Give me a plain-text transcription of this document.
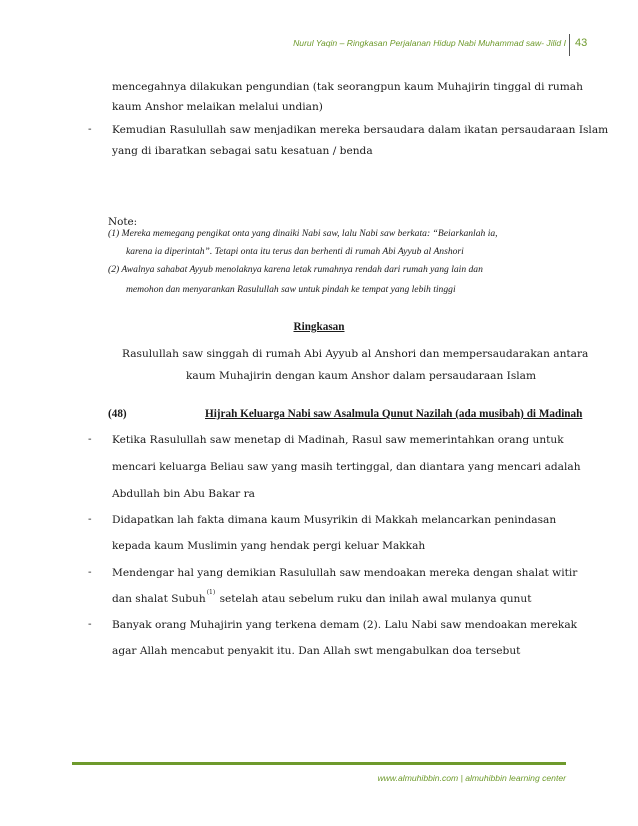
Nurul Yaqin – Ringkasan Perjalanan Hidup Nabi Muhammad saw- Jilid I 43
mencegahnya dilakukan pengundian (tak seorangpun kaum Muhajirin tinggal di rumah
kaum Anshor melaikan melalui undian)
- Kemudian Rasulullah saw menjadikan mereka bersaudara dalam ikatan persaudaraan Islam
yang di ibaratkan sebagai satu kesatuan / benda
Note:
(1) Mereka memegang pengikat onta yang dinaiki Nabi saw, lalu Nabi saw berkata: “Beiarkanlah ia,
karena ia diperintah”. Tetapi onta itu terus dan berhenti di rumah Abi Ayyub al Anshori
(2) Awalnya sahabat Ayyub menolaknya karena letak rumahnya rendah dari rumah yang lain dan
memohon dan menyarankan Rasulullah saw untuk pindah ke tempat yang lebih tinggi
Ringkasan
Rasulullah saw singgah di rumah Abi Ayyub al Anshori dan mempersaudarakan antara
kaum Muhajirin dengan kaum Anshor dalam persaudaraan Islam
(48)	Hijrah Keluarga Nabi saw Asalmula Qunut Nazilah (ada musibah) di Madinah
- Ketika Rasulullah saw menetap di Madinah, Rasul saw memerintahkan orang untuk
mencari keluarga Beliau saw yang masih tertinggal, dan diantara yang mencari adalah
Abdullah bin Abu Bakar ra
- Didapatkan lah fakta dimana kaum Musyrikin di Makkah melancarkan penindasan
kepada kaum Muslimin yang hendak pergi keluar Makkah
- Mendengar hal yang demikian Rasulullah saw mendoakan mereka dengan shalat witir
dan shalat Subuh$^{(1)}$ setelah atau sebelum ruku dan inilah awal mulanya qunut
- Banyak orang Muhajirin yang terkena demam (2). Lalu Nabi saw mendoakan merekak
agar Allah mencabut penyakit itu. Dan Allah swt mengabulkan doa tersebut
www.almuhibbin.com | almuhibbin learning center
